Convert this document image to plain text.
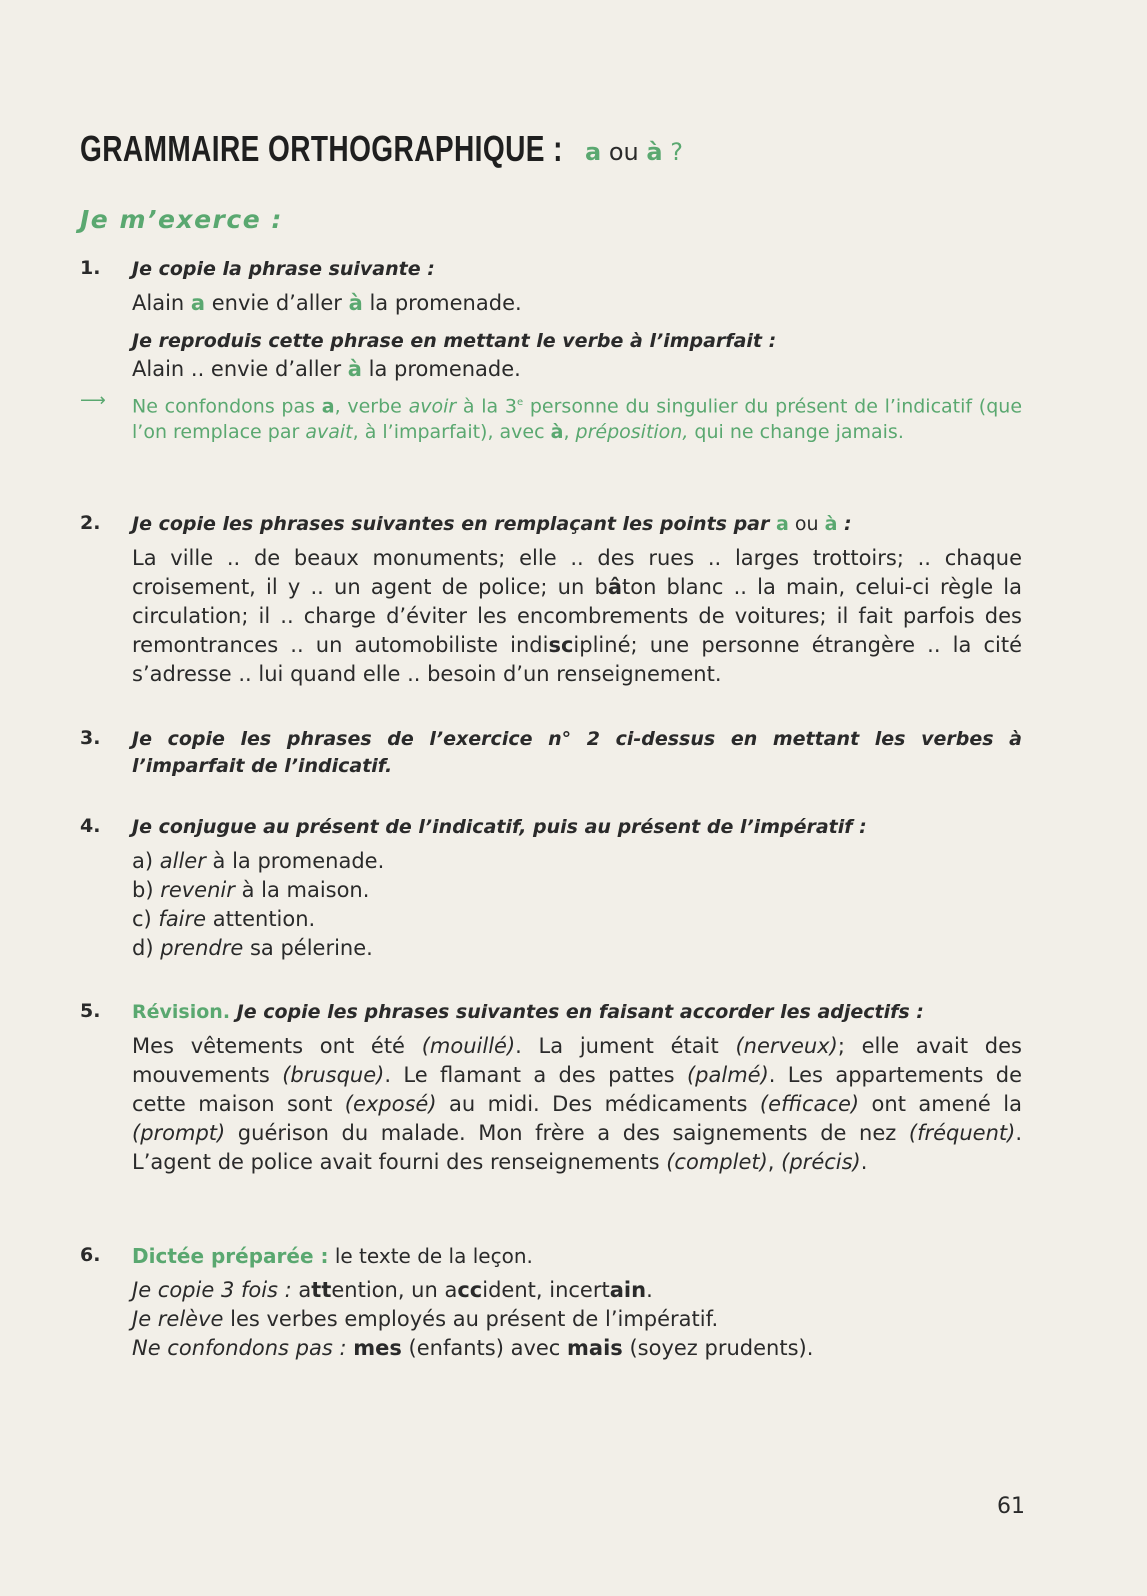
GRAMMAIRE ORTHOGRAPHIQUE : a ou à ?
Je m’exerce :
1. Je copie la phrase suivante :
Alain a envie d’aller à la promenade.
Je reproduis cette phrase en mettant le verbe à l’imparfait :
Alain .. envie d’aller à la promenade.
⟶ Ne confondons pas a, verbe avoir à la 3e personne du singulier du présent de l’indicatif (que l’on remplace par avait, à l’imparfait), avec à, préposition, qui ne change jamais.
2. Je copie les phrases suivantes en remplaçant les points par a ou à :
La ville .. de beaux monuments; elle .. des rues .. larges trottoirs; .. chaque croisement, il y .. un agent de police; un bâton blanc .. la main, celui-ci règle la circulation; il .. charge d’éviter les encombrements de voitures; il fait parfois des remontrances .. un automobiliste indiscipliné; une personne étrangère .. la cité s’adresse .. lui quand elle .. besoin d’un renseignement.
3. Je copie les phrases de l’exercice n° 2 ci-dessus en mettant les verbes à l’imparfait de l’indicatif.
4. Je conjugue au présent de l’indicatif, puis au présent de l’impératif :
a) aller à la promenade.
b) revenir à la maison.
c) faire attention.
d) prendre sa pélerine.
5. Révision. Je copie les phrases suivantes en faisant accorder les adjectifs :
Mes vêtements ont été (mouillé). La jument était (nerveux); elle avait des mouvements (brusque). Le flamant a des pattes (palmé). Les appartements de cette maison sont (exposé) au midi. Des médicaments (efficace) ont amené la (prompt) guérison du malade. Mon frère a des saignements de nez (fréquent). L’agent de police avait fourni des renseignements (complet), (précis).
6. Dictée préparée : le texte de la leçon.
Je copie 3 fois : attention, un accident, incertain.
Je relève les verbes employés au présent de l’impératif.
Ne confondons pas : mes (enfants) avec mais (soyez prudents).
61
